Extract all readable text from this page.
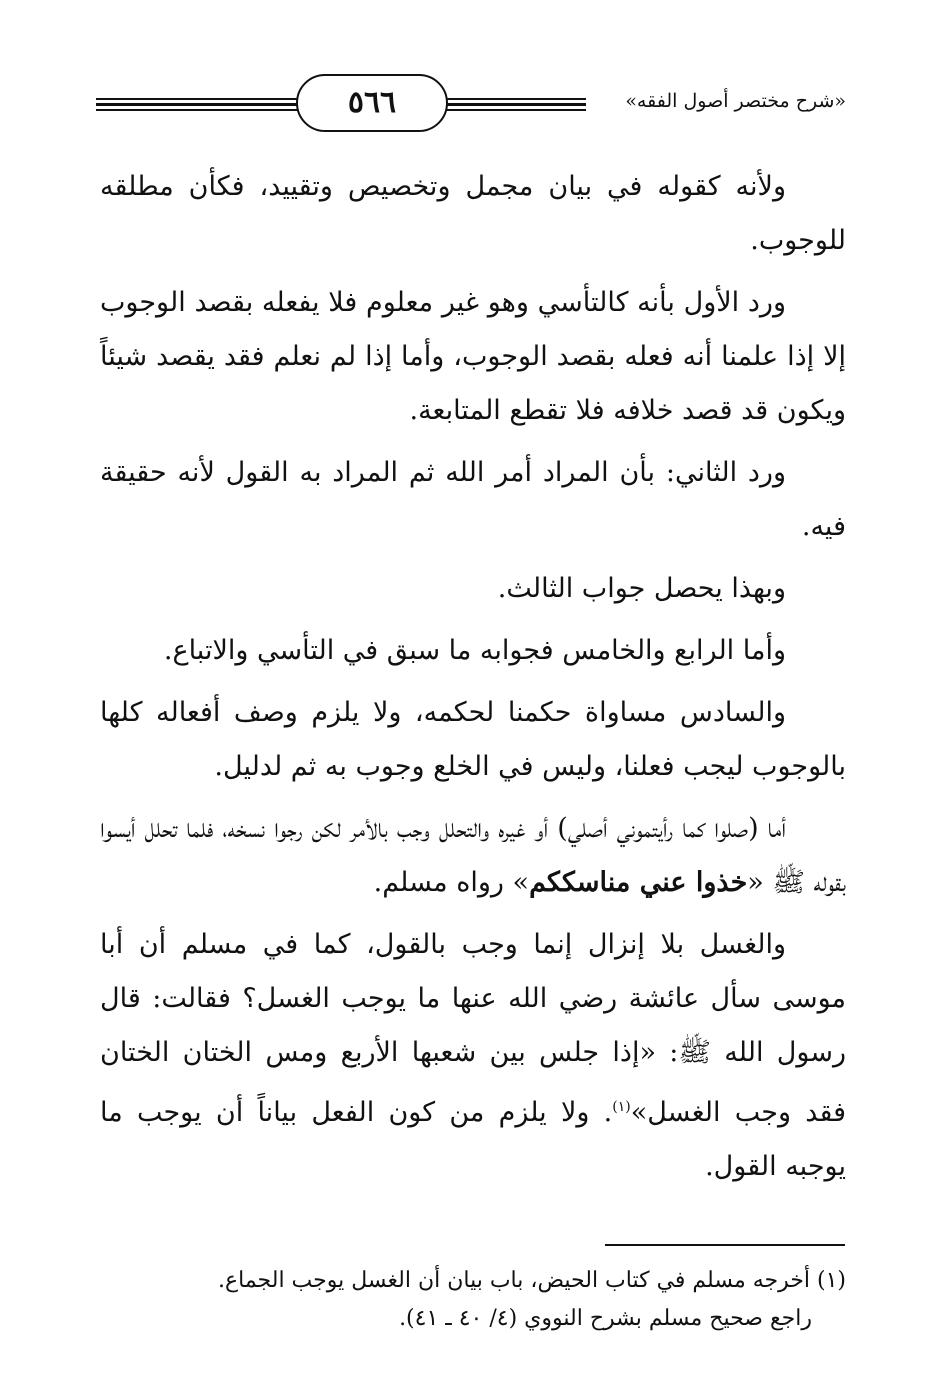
٥٦٦	«شرح مختصر أصول الفقه»

ولأنه كقوله في بيان مجمل وتخصيص وتقييد، فكأن مطلقه للوجوب.

ورد الأول بأنه كالتأسي وهو غير معلوم فلا يفعله بقصد الوجوب إلا إذا علمنا أنه فعله بقصد الوجوب، وأما إذا لم نعلم فقد يقصد شيئاً ويكون قد قصد خلافه فلا تقطع المتابعة.

ورد الثاني: بأن المراد أمر الله ثم المراد به القول لأنه حقيقة فيه.

وبهذا يحصل جواب الثالث.

وأما الرابع والخامس فجوابه ما سبق في التأسي والاتباع.

والسادس مساواة حكمنا لحكمه، ولا يلزم وصف أفعاله كلها بالوجوب ليجب فعلنا، وليس في الخلع وجوب به ثم لدليل.

أما (صلوا كما رأيتموني أصلي) أو غيره والتحلل وجب بالأمر لكن رجوا نسخه، فلما تحلل أيسوا بقوله ﷺ «خذوا عني مناسككم» رواه مسلم.

والغسل بلا إنزال إنما وجب بالقول، كما في مسلم أن أبا موسى سأل عائشة رضي الله عنها ما يوجب الغسل؟ فقالت: قال رسول الله ﷺ: «إذا جلس بين شعبها الأربع ومس الختان الختان فقد وجب الغسل»$^{(١)}$. ولا يلزم من كون الفعل بياناً أن يوجب ما يوجبه القول.

(١) أخرجه مسلم في كتاب الحيض، باب بيان أن الغسل يوجب الجماع.
راجع صحيح مسلم بشرح النووي (٤/ ٤٠ ـ ٤١).
